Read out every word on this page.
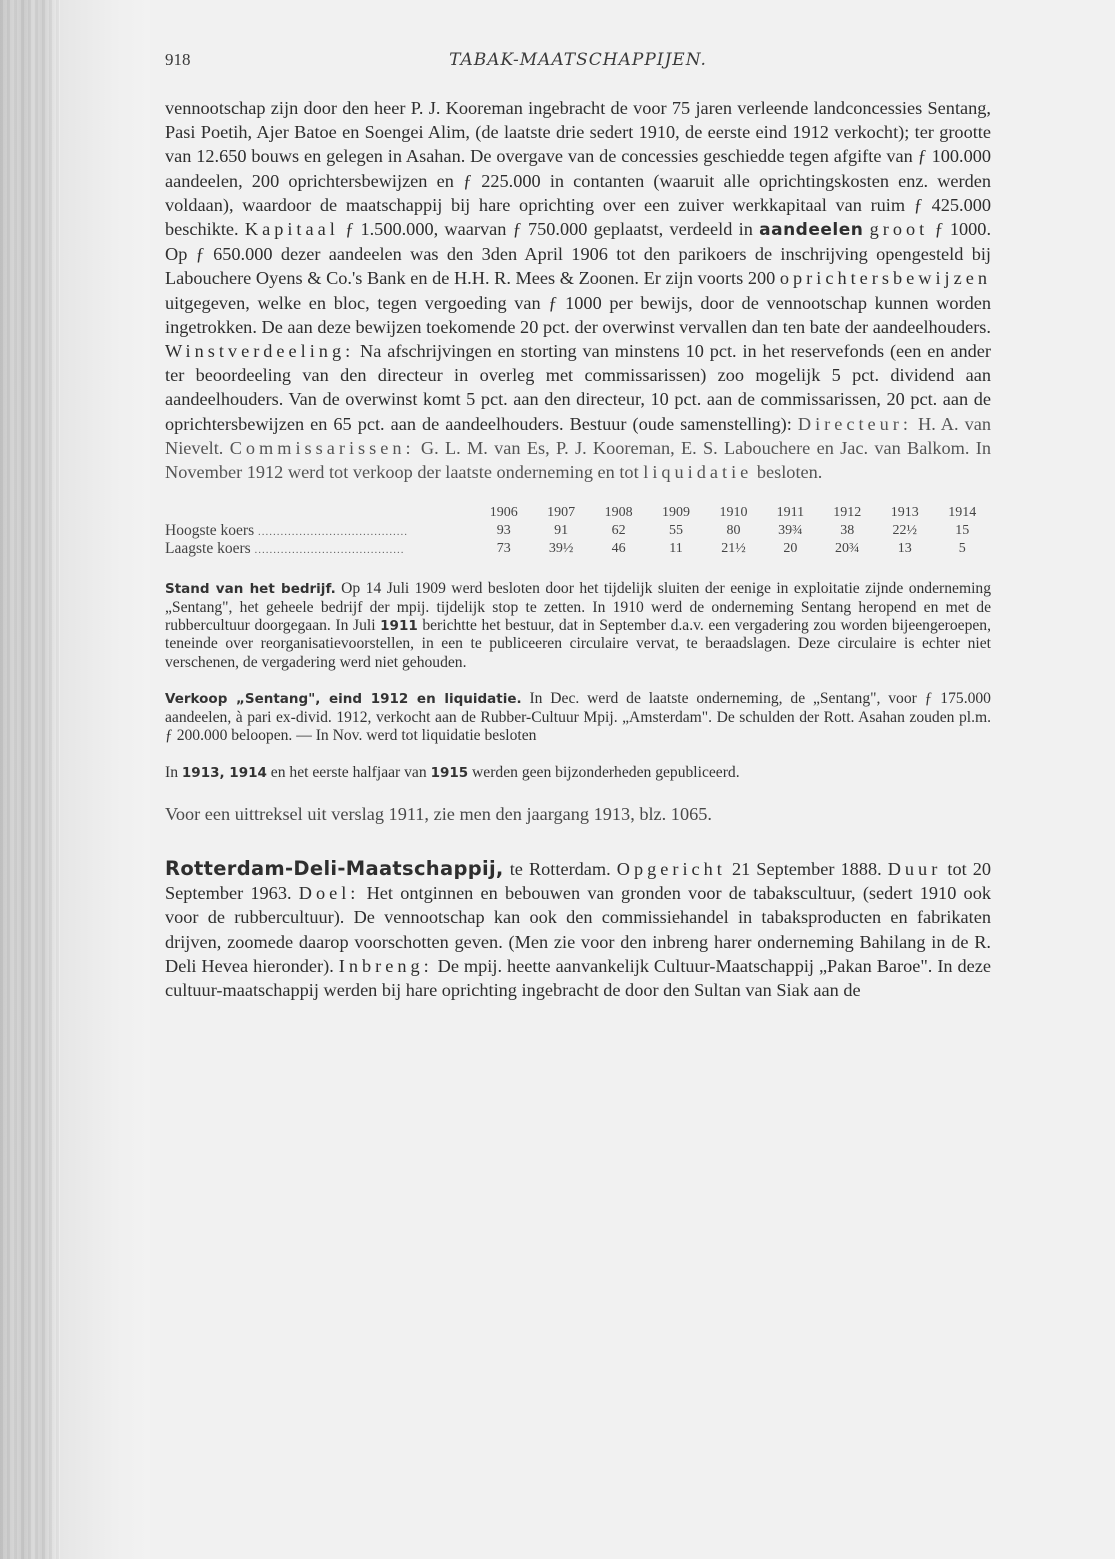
918	TABAK-MAATSCHAPPIJEN.

vennootschap zijn door den heer P. J. Kooreman ingebracht de voor 75 jaren verleende landconcessies Sentang, Pasi Poetih, Ajer Batoe en Soengei Alim, (de laatste drie sedert 1910, de eerste eind 1912 verkocht); ter grootte van 12.650 bouws en gelegen in Asahan. De overgave van de concessies geschiedde tegen afgifte van ƒ 100.000 aandeelen, 200 oprichtersbewijzen en ƒ 225.000 in contanten (waaruit alle oprichtingskosten enz. werden voldaan), waardoor de maatschappij bij hare oprichting over een zuiver werkkapitaal van ruim ƒ 425.000 beschikte. Kapitaal ƒ 1.500.000, waarvan ƒ 750.000 geplaatst, verdeeld in aandeelen groot ƒ 1000. Op ƒ 650.000 dezer aandeelen was den 3den April 1906 tot den parikoers de inschrijving opengesteld bij Labouchere Oyens & Co.'s Bank en de H.H. R. Mees & Zoonen. Er zijn voorts 200 oprichtersbewijzen uitgegeven, welke en bloc, tegen vergoeding van ƒ 1000 per bewijs, door de vennootschap kunnen worden ingetrokken. De aan deze bewijzen toekomende 20 pct. der overwinst vervallen dan ten bate der aandeelhouders. Winstverdeeling: Na afschrijvingen en storting van minstens 10 pct. in het reservefonds (een en ander ter beoordeeling van den directeur in overleg met commissarissen) zoo mogelijk 5 pct. dividend aan aandeelhouders. Van de overwinst komt 5 pct. aan den directeur, 10 pct. aan de commissarissen, 20 pct. aan de oprichtersbewijzen en 65 pct. aan de aandeelhouders. Bestuur (oude samenstelling): Directeur: H. A. van Nievelt. Commissarissen: G. L. M. van Es, P. J. Kooreman, E. S. Labouchere en Jac. van Balkom. In November 1912 werd tot verkoop der laatste onderneming en tot liquidatie besloten.

	1906	1907	1908	1909	1910	1911	1912	1913	1914
Hoogste koers ........................................	93	91	62	55	80	39¾	38	22½	15
Laagste koers ........................................	73	39½	46	11	21½	20	20¾	13	5
Stand van het bedrijf. Op 14 Juli 1909 werd besloten door het tijdelijk sluiten der eenige in exploitatie zijnde onderneming „Sentang", het geheele bedrijf der mpij. tijdelijk stop te zetten. In 1910 werd de onderneming Sentang heropend en met de rubbercultuur doorgegaan. In Juli 1911 berichtte het bestuur, dat in September d.a.v. een vergadering zou worden bijeengeroepen, teneinde over reorganisatievoorstellen, in een te publiceeren circulaire vervat, te beraadslagen. Deze circulaire is echter niet verschenen, de vergadering werd niet gehouden.
Verkoop „Sentang", eind 1912 en liquidatie. In Dec. werd de laatste onderneming, de „Sentang", voor ƒ 175.000 aandeelen, à pari ex-divid. 1912, verkocht aan de Rubber-Cultuur Mpij. „Amsterdam". De schulden der Rott. Asahan zouden pl.m. ƒ 200.000 beloopen. — In Nov. werd tot liquidatie besloten
In 1913, 1914 en het eerste halfjaar van 1915 werden geen bijzonderheden gepubliceerd.
Voor een uittreksel uit verslag 1911, zie men den jaargang 1913, blz. 1065.
Rotterdam-Deli-Maatschappij, te Rotterdam. Opgericht 21 September 1888. Duur tot 20 September 1963. Doel: Het ontginnen en bebouwen van gronden voor de tabakscultuur, (sedert 1910 ook voor de rubbercultuur). De vennootschap kan ook den commissiehandel in tabaksproducten en fabrikaten drijven, zoomede daarop voorschotten geven. (Men zie voor den inbreng harer onderneming Bahilang in de R. Deli Hevea hieronder). Inbreng: De mpij. heette aanvankelijk Cultuur-Maatschappij „Pakan Baroe". In deze cultuur-maatschappij werden bij hare oprichting ingebracht de door den Sultan van Siak aan de
